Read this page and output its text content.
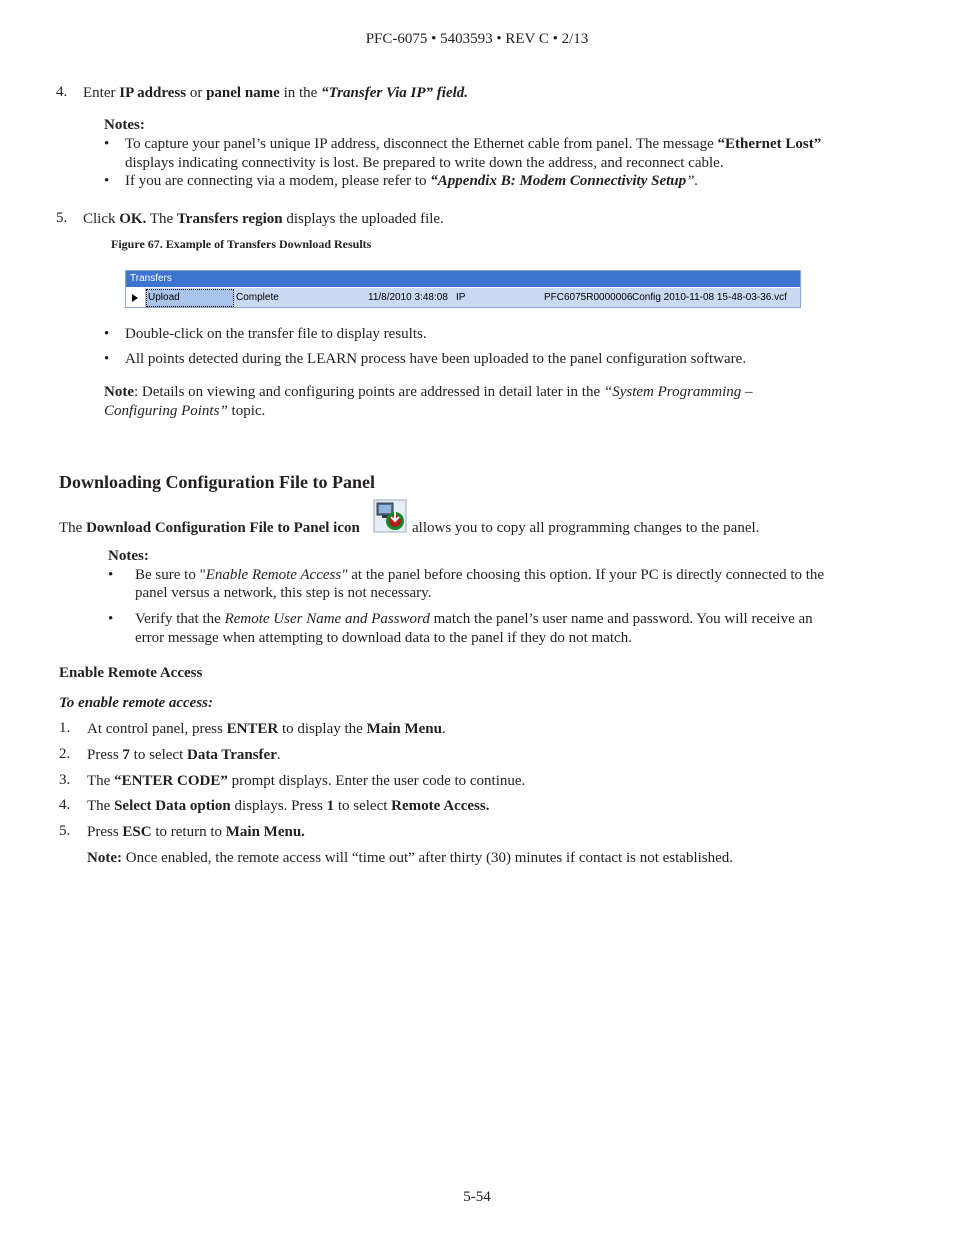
PFC-6075 • 5403593 • REV C • 2/13
4. Enter IP address or panel name in the “Transfer Via IP” field.
Notes:
• To capture your panel’s unique IP address, disconnect the Ethernet cable from panel. The message “Ethernet Lost”
displays indicating connectivity is lost. Be prepared to write down the address, and reconnect cable.
• If you are connecting via a modem, please refer to “Appendix B: Modem Connectivity Setup”.
5. Click OK. The Transfers region displays the uploaded file.
Figure 67. Example of Transfers Download Results
Transfers
Upload	Complete	11/8/2010 3:48:08 IP	PFC6075R0000006 Config 2010-11-08 15-48-03-36.vcf
• Double-click on the transfer file to display results.
• All points detected during the LEARN process have been uploaded to the panel configuration software.
Note: Details on viewing and configuring points are addressed in detail later in the “System Programming –
Configuring Points” topic.
Downloading Configuration File to Panel
The Download Configuration File to Panel icon	allows you to copy all programming changes to the panel.
Notes:
• Be sure to "Enable Remote Access" at the panel before choosing this option. If your PC is directly connected to the
panel versus a network, this step is not necessary.
• Verify that the Remote User Name and Password match the panel’s user name and password. You will receive an
error message when attempting to download data to the panel if they do not match.
Enable Remote Access
To enable remote access:
1. At control panel, press ENTER to display the Main Menu.
2. Press 7 to select Data Transfer.
3. The “ENTER CODE” prompt displays. Enter the user code to continue.
4. The Select Data option displays. Press 1 to select Remote Access.
5. Press ESC to return to Main Menu.
Note: Once enabled, the remote access will “time out” after thirty (30) minutes if contact is not established.
5-54
